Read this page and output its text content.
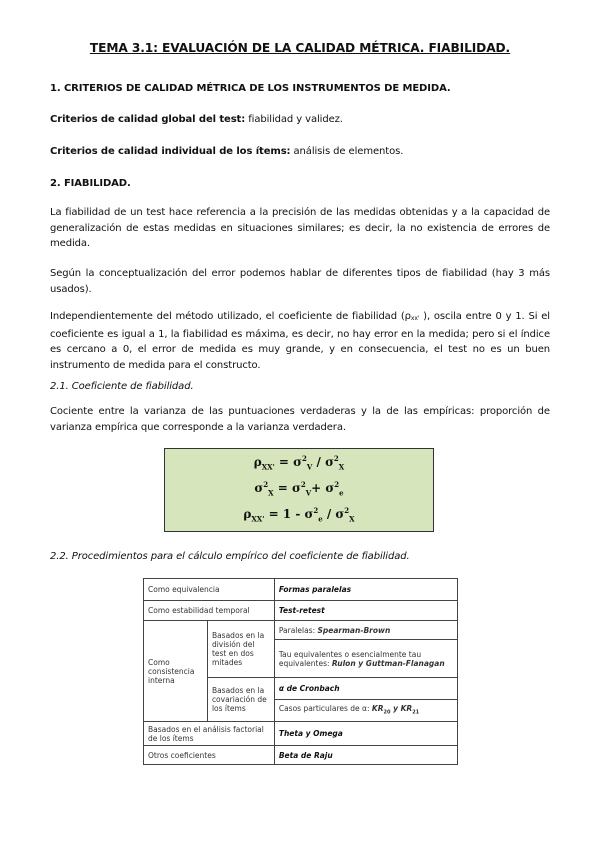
TEMA 3.1: EVALUACIÓN DE LA CALIDAD MÉTRICA. FIABILIDAD.
1. CRITERIOS DE CALIDAD MÉTRICA DE LOS INSTRUMENTOS DE MEDIDA.
Criterios de calidad global del test: fiabilidad y validez.
Criterios de calidad individual de los ítems: análisis de elementos.
2. FIABILIDAD.

La fiabilidad de un test hace referencia a la precisión de las medidas obtenidas y a la capacidad de generalización de estas medidas en situaciones similares; es decir, la no existencia de errores de medida.

Según la conceptualización del error podemos hablar de diferentes tipos de fiabilidad (hay 3 más usados).

Independientemente del método utilizado, el coeficiente de fiabilidad (ρxx' ), oscila entre 0 y 1. Si el coeficiente es igual a 1, la fiabilidad es máxima, es decir, no hay error en la medida; pero si el índice es cercano a 0, el error de medida es muy grande, y en consecuencia, el test no es un buen instrumento de medida para el constructo.

2.1. Coeficiente de fiabilidad.

Cociente entre la varianza de las puntuaciones verdaderas y la de las empíricas: proporción de varianza empírica que corresponde a la varianza verdadera.

$\rho_{XX'} = \sigma^2_V / \sigma^2_X$
$\sigma^2_X = \sigma^2_V+ \sigma^2_e$
$\rho_{XX'} = 1 - \sigma^2_e / \sigma^2_X$
2.2. Procedimientos para el cálculo empírico del coeficiente de fiabilidad.
Como equivalencia		Formas paralelas
Como estabilidad temporal		Test-retest
Como consistencia interna	Basados en la división del test en dos mitades	Paralelas: Spearman-Brown
		Tau equivalentes o esencialmente tau equivalentes: Rulon y Guttman-Flanagan
	Basados en la covariación de los ítems	α de Cronbach
		Casos particulares de α: $KR_{20}$ y $KR_{21}$
Basados en el análisis factorial de los ítems		Theta y Omega
Otros coeficientes		Beta de Raju
